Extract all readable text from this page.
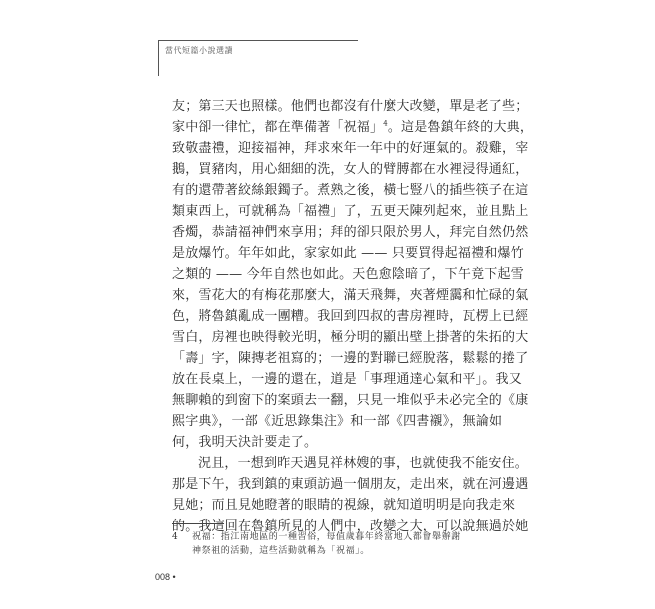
當代短篇小說選讀
友；第三天也照樣。他們也都沒有什麼大改變，單是老了些；
家中卻一律忙，都在準備著「祝福」$^4$。這是魯鎮年終的大典，
致敬盡禮，迎接福神，拜求來年一年中的好運氣的。殺雞，宰
鵝，買豬肉，用心細細的洗，女人的臂膊都在水裡浸得通紅，
有的還帶著絞絲銀鐲子。煮熟之後，橫七豎八的插些筷子在這
類東西上，可就稱為「福禮」了，五更天陳列起來，並且點上
香燭，恭請福神們來享用；拜的卻只限於男人，拜完自然仍然
是放爆竹。年年如此，家家如此 —— 只要買得起福禮和爆竹
之類的 —— 今年自然也如此。天色愈陰暗了，下午竟下起雪
來，雪花大的有梅花那麼大，滿天飛舞，夾著煙靄和忙碌的氣
色，將魯鎮亂成一團糟。我回到四叔的書房裡時，瓦楞上已經
雪白，房裡也映得較光明，極分明的顯出壁上掛著的朱拓的大
「壽」字，陳摶老祖寫的；一邊的對聯已經脫落，鬆鬆的捲了
放在長桌上，一邊的還在，道是「事理通達心氣和平」。我又
無聊賴的到窗下的案頭去一翻，只見一堆似乎未必完全的《康
熙字典》，一部《近思錄集注》和一部《四書襯》，無論如
何，我明天決計要走了。
況且，一想到昨天遇見祥林嫂的事，也就使我不能安住。
那是下午，我到鎮的東頭訪過一個朋友，走出來，就在河邊遇
見她；而且見她瞪著的眼睛的視線，就知道明明是向我走來
的。我這回在魯鎮所見的人們中，改變之大，可以說無過於她
4 祝福：指江南地區的一種習俗，每值歲暮年終當地人都會舉辦謝
神祭祖的活動，這些活動就稱為「祝福」。
008 •
